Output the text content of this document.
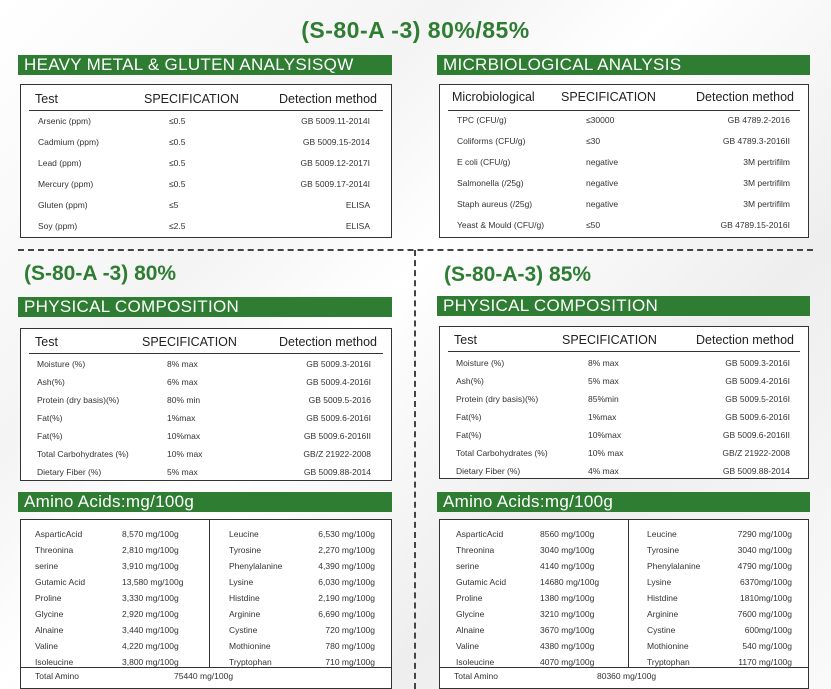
(S-80-A -3) 80%/85%
HEAVY METAL & GLUTEN ANALYSISQW
Test	SPECIFICATION	Detection method
Arsenic (ppm)	≤0.5	GB 5009.11-2014I
Cadmium (ppm)	≤0.5	GB 5009.15-2014
Lead (ppm)	≤0.5	GB 5009.12-2017I
Mercury (ppm)	≤0.5	GB 5009.17-2014I
Gluten (ppm)	≤5	ELISA
Soy (ppm)	≤2.5	ELISA
MICRBIOLOGICAL ANALYSIS
Microbiological SPECIFICATION	Detection method
TPC (CFU/g)	≤30000	GB 4789.2-2016
Coliforms (CFU/g)	≤30	GB 4789.3-2016II
E coli (CFU/g)	negative	3M pertrifilm
Salmonella (/25g)	negative	3M pertrifilm
Staph aureus (/25g)	negative	3M pertrifilm
Yeast & Mould (CFU/g)	≤50	GB 4789.15-2016I
(S-80-A -3) 80%
PHYSICAL COMPOSITION
Test	SPECIFICATION	Detection method
Moisture (%)	8% max	GB 5009.3-2016I
Ash(%)	6% max	GB 5009.4-2016I
Protein (dry basis)(%)	80% min	GB 5009.5-2016
Fat(%)	1%max	GB 5009.6-2016I
Fat(%)	10%max	GB 5009.6-2016II
Total Carbohydrates (%)	10% max	GB/Z 21922-2008
Dietary Fiber (%)	5% max	GB 5009.88-2014
Amino Acids:mg/100g
AsparticAcid	8,570 mg/100g
Threonina	2,810 mg/100g
serine	3,910 mg/100g
Gutamic Acid	13,580 mg/100g
Proline	3,330 mg/100g
Glycine	2,920 mg/100g
Alnaine	3,440 mg/100g
Valine	4,220 mg/100g
Isoleucine	3,800 mg/100g
Leucine	6,530 mg/100g
Tyrosine	2,270 mg/100g
Phenylalanine	4,390 mg/100g
Lysine	6,030 mg/100g
Histdine	2,190 mg/100g
Arginine	6,690 mg/100g
Cystine	720 mg/100g
Mothionine	780 mg/100g
Tryptophan	710 mg/100g
Total Amino	75440 mg/100g
(S-80-A-3) 85%
PHYSICAL COMPOSITION
Test	SPECIFICATION	Detection method
Moisture (%)	8% max	GB 5009.3-2016I
Ash(%)	5% max	GB 5009.4-2016I
Protein (dry basis)(%)	85%min	GB 5009.5-2016I
Fat(%)	1%max	GB 5009.6-2016I
Fat(%)	10%max	GB 5009.6-2016II
Total Carbohydrates (%)	10% max	GB/Z 21922-2008
Dietary Fiber (%)	4% max	GB 5009.88-2014
Amino Acids:mg/100g
AsparticAcid	8560 mg/100g
Threonina	3040 mg/100g
serine	4140 mg/100g
Gutamic Acid	14680 mg/100g
Proline	1380 mg/100g
Glycine	3210 mg/100g
Alnaine	3670 mg/100g
Valine	4380 mg/100g
Isoleucine	4070 mg/100g
Leucine	7290 mg/100g
Tyrosine	3040 mg/100g
Phenylalanine	4790 mg/100g
Lysine	6370mg/100g
Histdine	1810mg/100g
Arginine	7600 mg/100g
Cystine	600mg/100g
Mothionine	540 mg/100g
Tryptophan	1170 mg/100g
Total Amino	80360 mg/100g
